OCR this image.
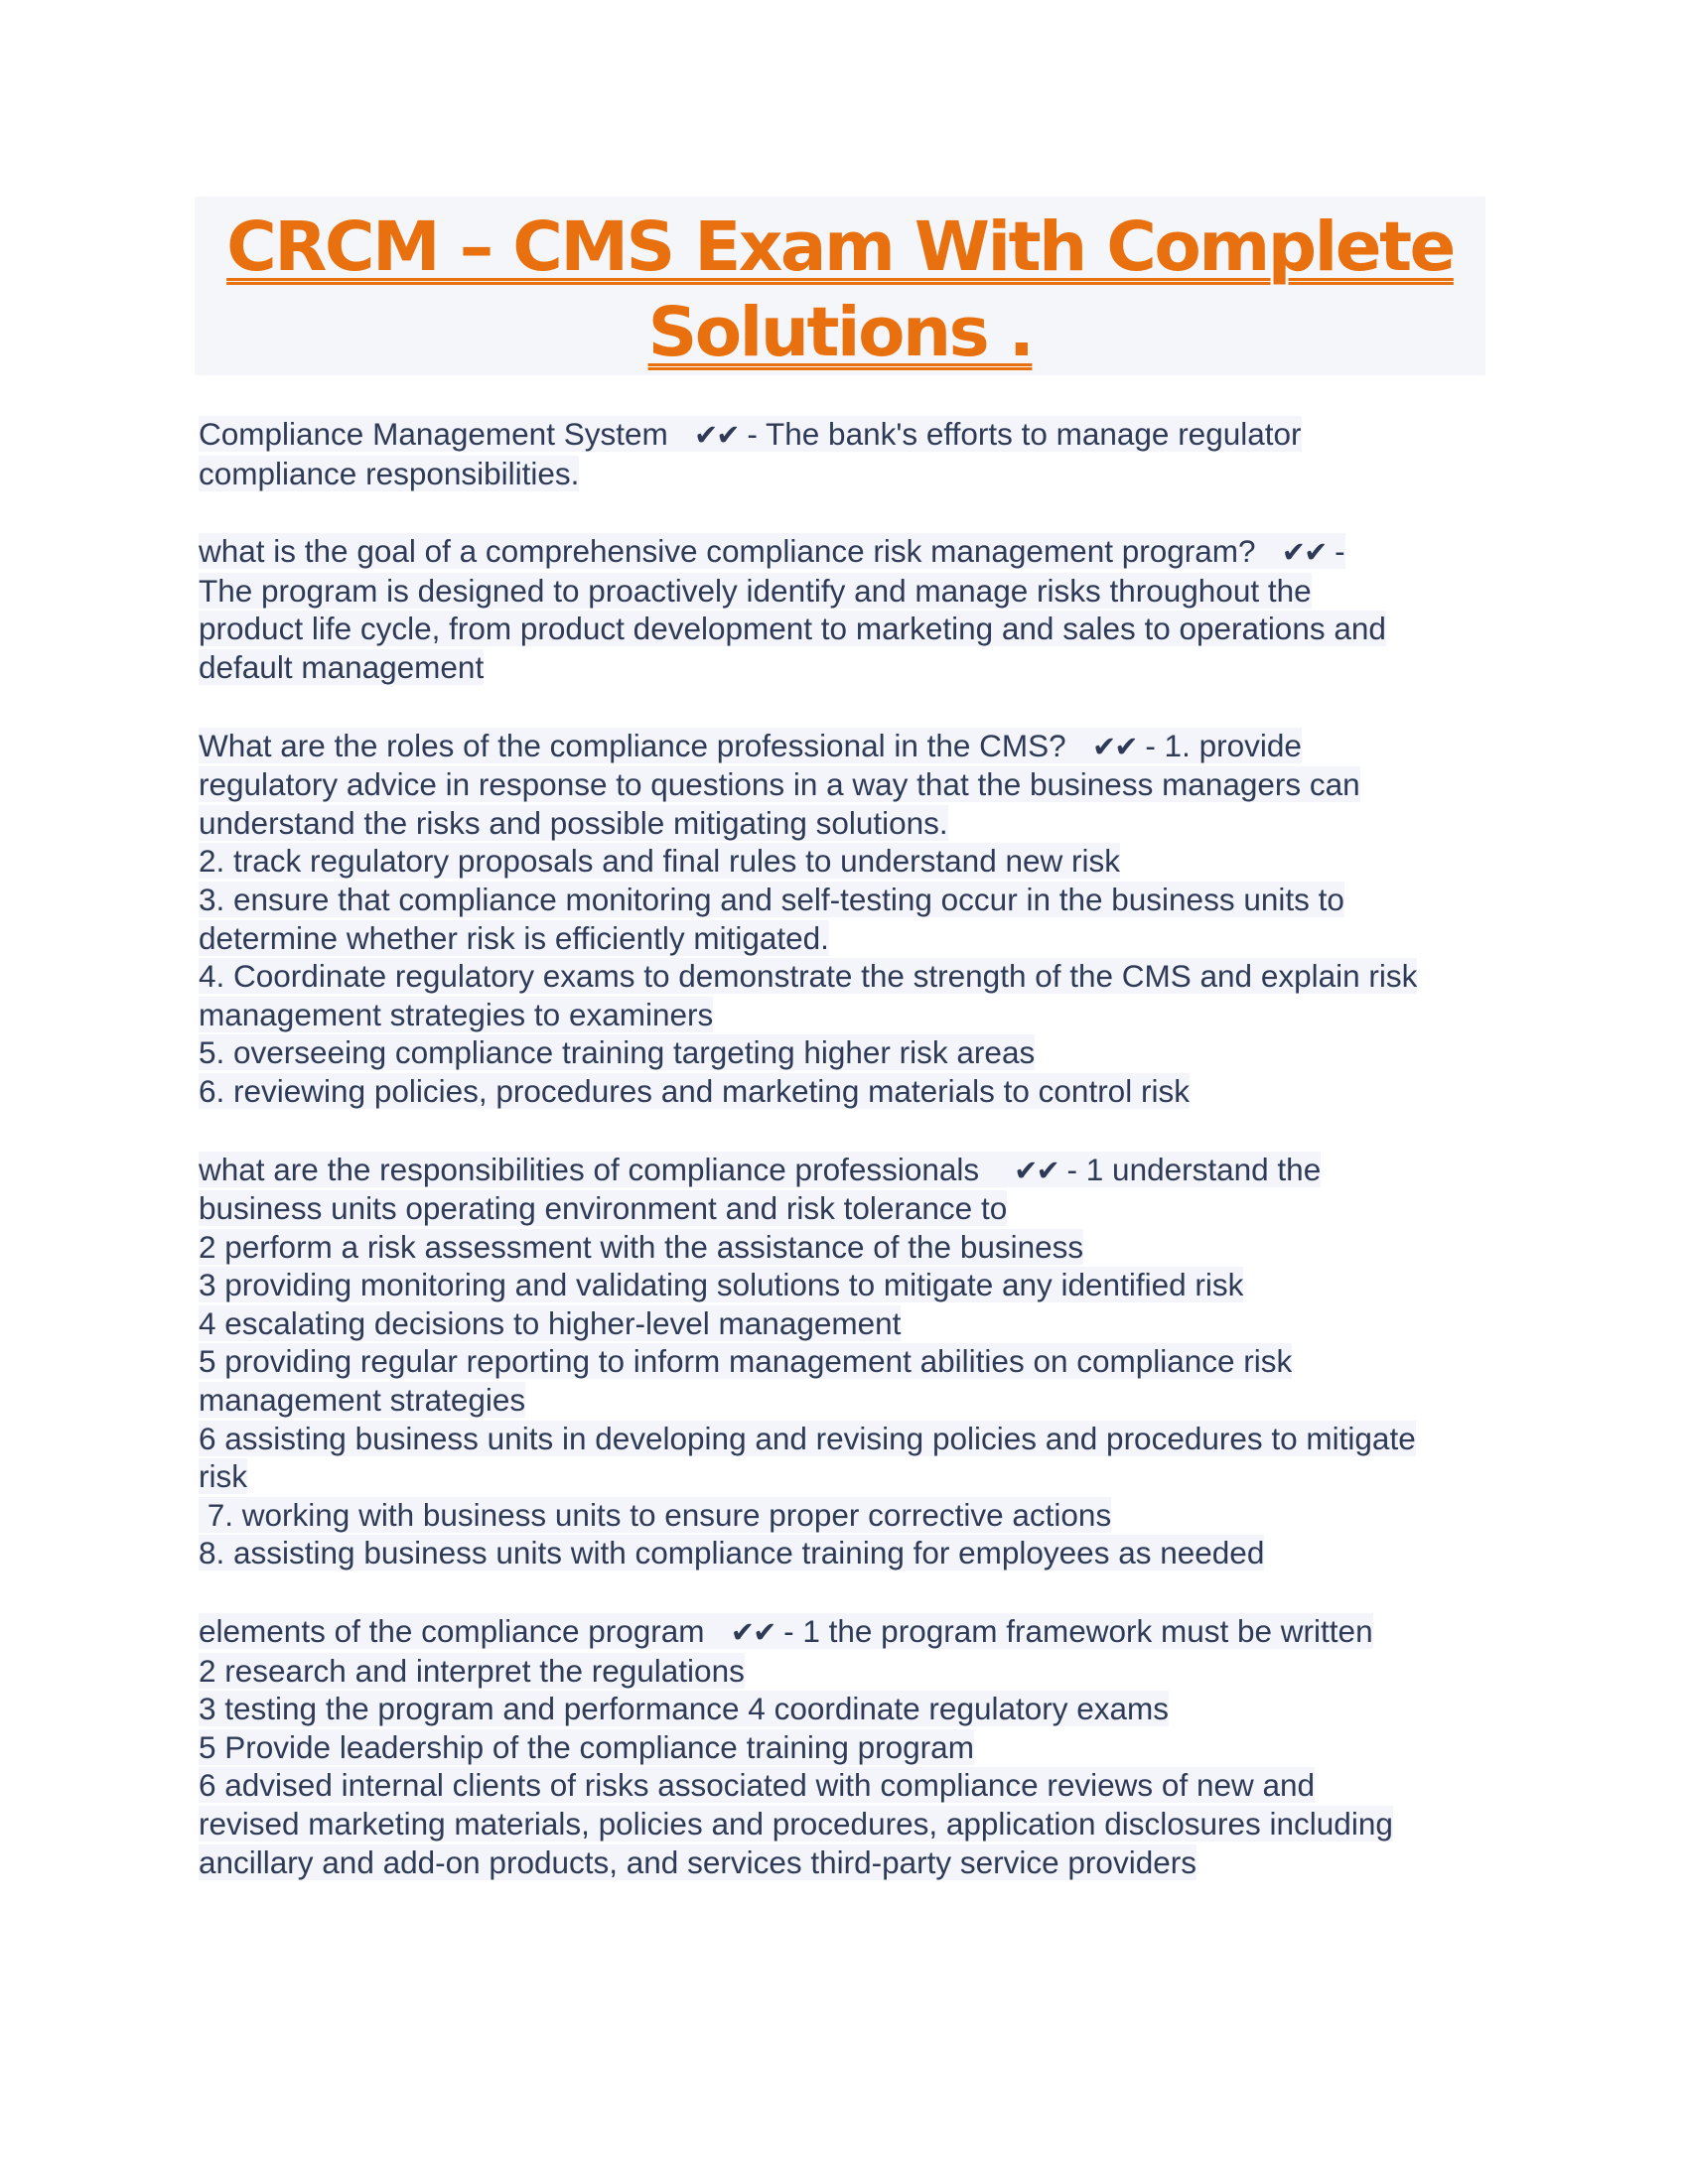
CRCM – CMS Exam With Complete
Solutions .
Compliance Management System   ✔✔ - The bank's efforts to manage regulator
compliance responsibilities.
what is the goal of a comprehensive compliance risk management program?   ✔✔ -
The program is designed to proactively identify and manage risks throughout the
product life cycle, from product development to marketing and sales to operations and
default management
What are the roles of the compliance professional in the CMS?   ✔✔ - 1. provide
regulatory advice in response to questions in a way that the business managers can
understand the risks and possible mitigating solutions.
2. track regulatory proposals and final rules to understand new risk
3. ensure that compliance monitoring and self-testing occur in the business units to
determine whether risk is efficiently mitigated.
4. Coordinate regulatory exams to demonstrate the strength of the CMS and explain risk
management strategies to examiners
5. overseeing compliance training targeting higher risk areas
6. reviewing policies, procedures and marketing materials to control risk
what are the responsibilities of compliance professionals    ✔✔ - 1 understand the
business units operating environment and risk tolerance to
2 perform a risk assessment with the assistance of the business
3 providing monitoring and validating solutions to mitigate any identified risk
4 escalating decisions to higher-level management
5 providing regular reporting to inform management abilities on compliance risk
management strategies
6 assisting business units in developing and revising policies and procedures to mitigate
risk
7. working with business units to ensure proper corrective actions
8. assisting business units with compliance training for employees as needed
elements of the compliance program   ✔✔ - 1 the program framework must be written
2 research and interpret the regulations
3 testing the program and performance 4 coordinate regulatory exams
5 Provide leadership of the compliance training program
6 advised internal clients of risks associated with compliance reviews of new and
revised marketing materials, policies and procedures, application disclosures including
ancillary and add-on products, and services third-party service providers
